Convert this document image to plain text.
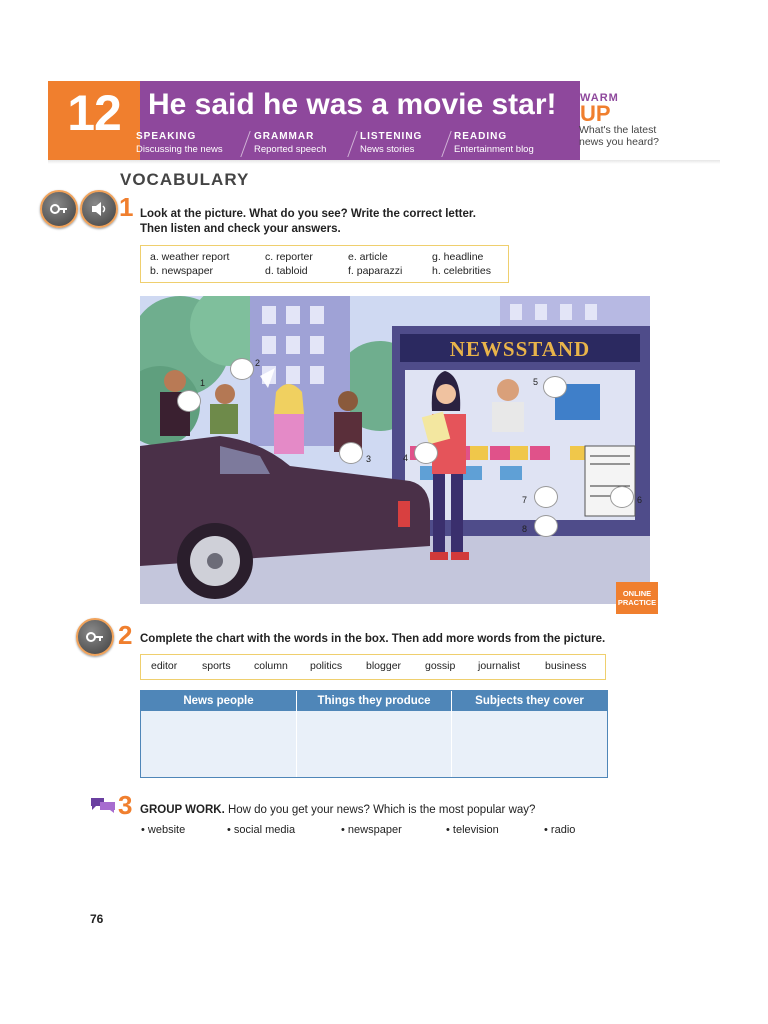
12 He said he was a movie star!
SPEAKING
Discussing the news
GRAMMAR
Reported speech
LISTENING
News stories
READING
Entertainment blog
WARM
UP
What's the latest
news you heard?
VOCABULARY
1 Look at the picture. What do you see? Write the correct letter.
Then listen and check your answers.
a. weather report	c. reporter	e. article	g. headline
b. newspaper	d. tabloid	f. paparazzi	h. celebrities
NEWSSTAND
1
2
3	4
5
6
7
8
ONLINE
PRACTICE
2 Complete the chart with the words in the box. Then add more words from the picture.
editor sports column politics blogger gossip journalist business
News people	Things they produce	Subjects they cover
3 GROUP WORK. How do you get your news? Which is the most popular way?
• website	• social media	• newspaper	• television	• radio
76
